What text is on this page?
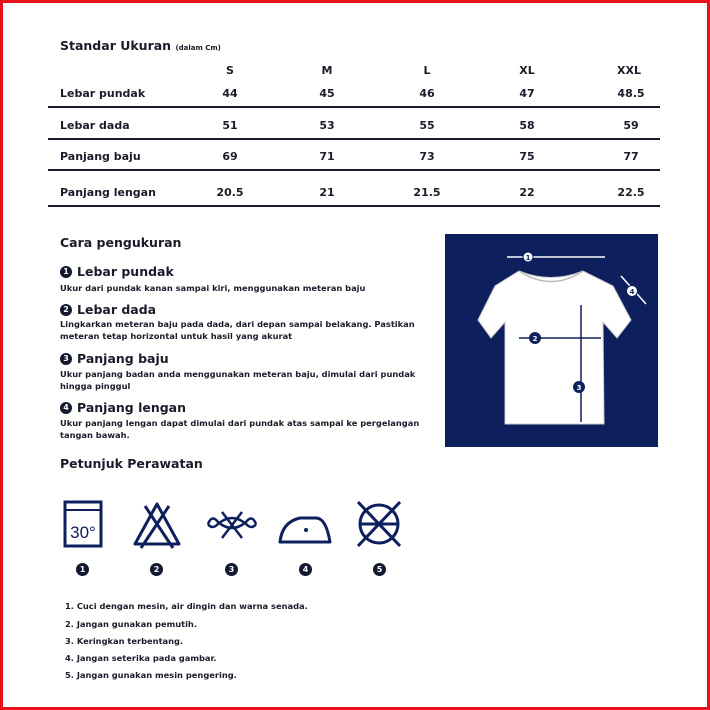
Standar Ukuran (dalam Cm)
S	M	L	XL	XXL
Lebar pundak	44	45	46	47	48.5
Lebar dada	51	53	55	58	59
Panjang baju	69	71	73	75	77
Panjang lengan	20.5	21	21.5	22	22.5
Cara pengukuran
1 Lebar pundak
Ukur dari pundak kanan sampai kiri, menggunakan meteran baju
2 Lebar dada
Lingkarkan meteran baju pada dada, dari depan sampai belakang. Pastikan meteran tetap horizontal untuk hasil yang akurat
3 Panjang baju
Ukur panjang badan anda menggunakan meteran baju, dimulai dari pundak hingga pinggul
4 Panjang lengan
Ukur panjang lengan dapat dimulai dari pundak atas sampai ke pergelangan tangan bawah.
1
4
2
3
Petunjuk Perawatan
30°
1	2	3	4	5
1. Cuci dengan mesin, air dingin dan warna senada.
2. Jangan gunakan pemutih.
3. Keringkan terbentang.
4. Jangan seterika pada gambar.
5. Jangan gunakan mesin pengering.
